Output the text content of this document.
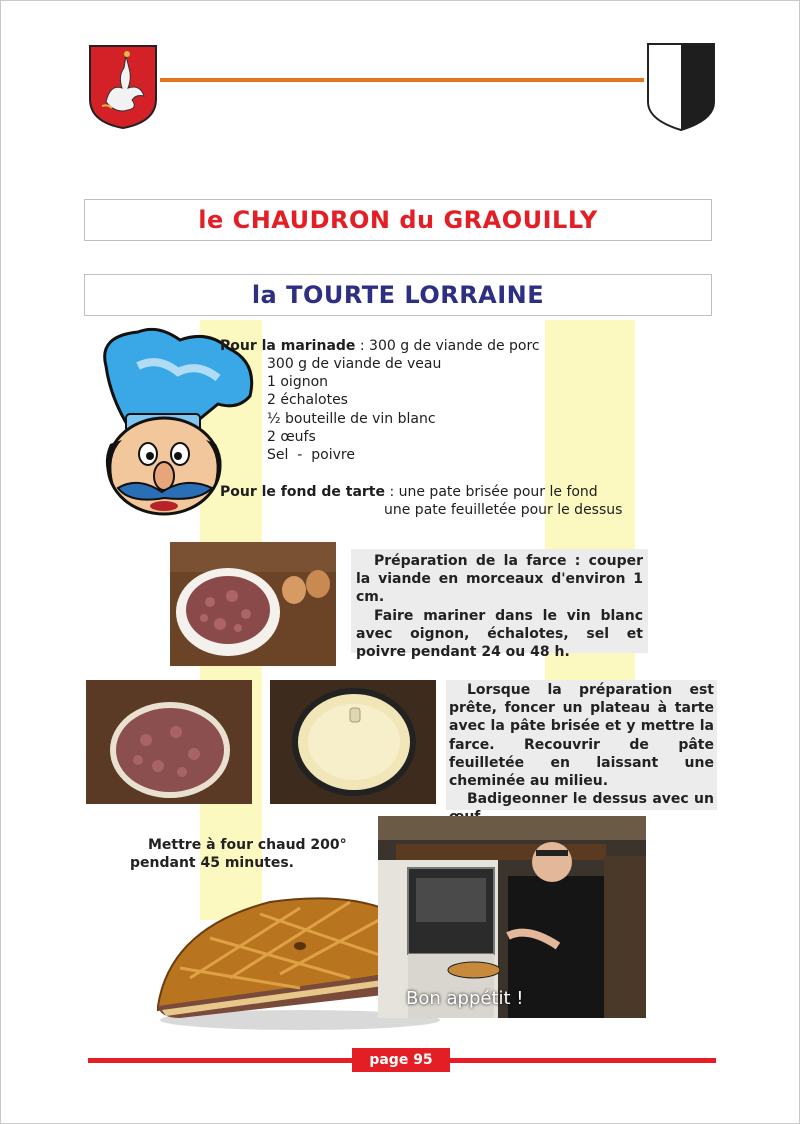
le CHAUDRON du GRAOUILLY
la TOURTE LORRAINE
Pour la marinade : 300 g de viande de porc
300 g de viande de veau
1 oignon
2 échalotes
½ bouteille de vin blanc
2 œufs
Sel  -  poivre
Pour le fond de tarte : une pate brisée pour le fond
une pate feuilletée pour le dessus

Préparation de la farce : couper la viande en morceaux d'environ 1 cm.

Faire mariner dans le vin blanc avec oignon, échalotes, sel et poivre pendant 24 ou 48 h.

Lorsque la préparation est prête, foncer un plateau à tarte avec la pâte brisée et y mettre la farce. Recouvrir de pâte feuilletée en laissant une cheminée au milieu.

Badigeonner le dessus avec un

Mettre à four chaud 200°
pendant 45 minutes.
Bon appétit !
page 95
